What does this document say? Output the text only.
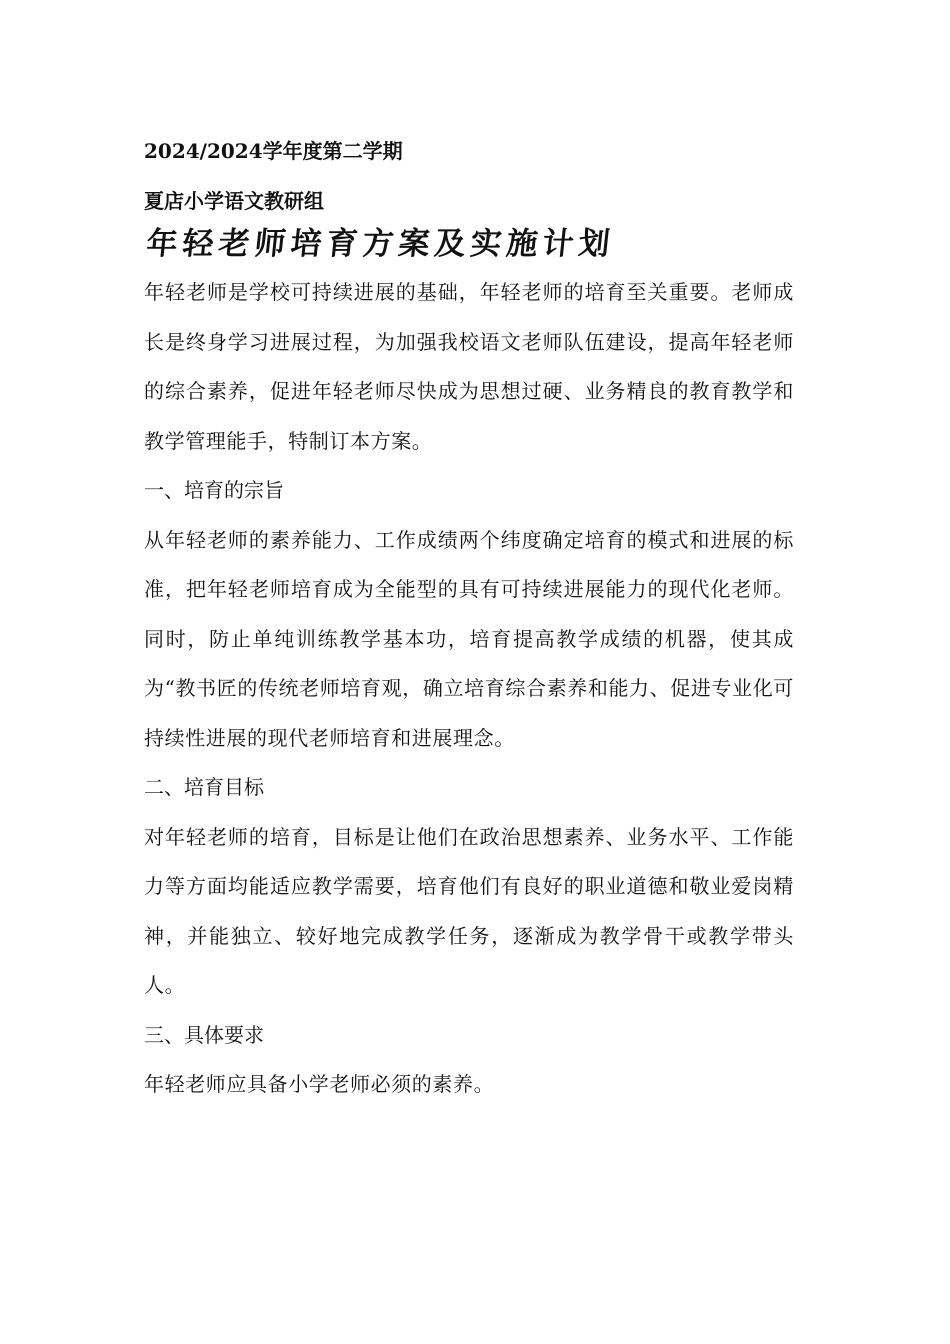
2024/2024学年度第二学期
夏店小学语文教研组
年轻老师培育方案及实施计划

年轻老师是学校可持续进展的基础，年轻老师的培育至关重要。老师成长是终身学习进展过程，为加强我校语文老师队伍建设，提高年轻老师的综合素养，促进年轻老师尽快成为思想过硬、业务精良的教育教学和教学管理能手，特制订本方案。

一、培育的宗旨

从年轻老师的素养能力、工作成绩两个纬度确定培育的模式和进展的标准，把年轻老师培育成为全能型的具有可持续进展能力的现代化老师。同时，防止单纯训练教学基本功，培育提高教学成绩的机器，使其成为“教书匠的传统老师培育观，确立培育综合素养和能力、促进专业化可持续性进展的现代老师培育和进展理念。

二、培育目标

对年轻老师的培育，目标是让他们在政治思想素养、业务水平、工作能力等方面均能适应教学需要，培育他们有良好的职业道德和敬业爱岗精神，并能独立、较好地完成教学任务，逐渐成为教学骨干或教学带头人。

三、具体要求

年轻老师应具备小学老师必须的素养。
